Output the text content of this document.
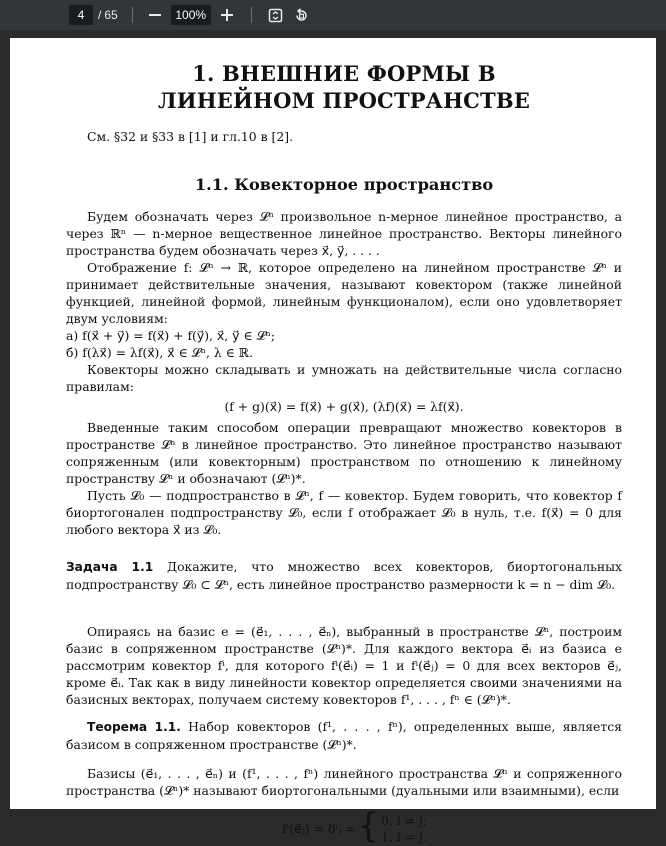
4	/ 65	100%
1. ВНЕШНИЕ ФОРМЫ В
ЛИНЕЙНОМ ПРОСТРАНСТВЕ

См. §32 и §33 в [1] и гл.10 в [2].

1.1. Ковекторное пространство

Будем обозначать через 𝓛ⁿ произвольное n-мерное линейное пространство, а через ℝⁿ — n-мерное вещественное линейное пространство. Векторы линейного пространства будем обозначать через x⃗, y⃗, . . . .

Отображение f: 𝓛ⁿ → ℝ, которое определено на линейном пространстве 𝓛ⁿ и принимает действительные значения, называют ковектором (также линейной функцией, линейной формой, линейным функционалом), если оно удовлетворяет двум условиям:

а) f(x⃗ + y⃗) = f(x⃗) + f(y⃗), x⃗, y⃗ ∈ 𝓛ⁿ;

б) f(λx⃗) = λf(x⃗), x⃗ ∈ 𝓛ⁿ, λ ∈ ℝ.

Ковекторы можно складывать и умножать на действительные числа согласно правилам:

(f + g)(x⃗) = f(x⃗) + g(x⃗), (λf)(x⃗) = λf(x⃗).

Введенные таким способом операции превращают множество ковекторов в пространстве 𝓛ⁿ в линейное пространство. Это линейное пространство называют сопряженным (или ковекторным) пространством по отношению к линейному пространству 𝓛ⁿ и обозначают (𝓛ⁿ)*.

Пусть 𝓛₀ — подпространство в 𝓛ⁿ, f — ковектор. Будем говорить, что ковектор f биортогонален подпространству 𝓛₀, если f отображает 𝓛₀ в нуль, т.е. f(x⃗) = 0 для любого вектора x⃗ из 𝓛₀.

Задача 1.1 Докажите, что множество всех ковекторов, биортогональных подпространству 𝓛₀ ⊂ 𝓛ⁿ, есть линейное пространство размерности k = n − dim 𝓛₀.

Опираясь на базис e = (e⃗₁, . . . , e⃗ₙ), выбранный в пространстве 𝓛ⁿ, построим базис в сопряженном пространстве (𝓛ⁿ)*. Для каждого вектора e⃗ᵢ из базиса e рассмотрим ковектор fⁱ, для которого fⁱ(e⃗ᵢ) = 1 и fⁱ(e⃗ⱼ) = 0 для всех векторов e⃗ⱼ, кроме e⃗ᵢ. Так как в виду линейности ковектор определяется своими значениями на базисных векторах, получаем систему ковекторов f¹, . . . , fⁿ ∈ (𝓛ⁿ)*.

Теорема 1.1. Набор ковекторов (f¹, . . . , fⁿ), определенных выше, является базисом в сопряженном пространстве (𝓛ⁿ)*.

Базисы (e⃗₁, . . . , e⃗ₙ) и (f¹, . . . , fⁿ) линейного пространства 𝓛ⁿ и сопряженного пространства (𝓛ⁿ)* называют биортогональными (дуальными или взаимными), если

fⁱ(e⃗ⱼ) = δⁱⱼ = { 0, i ≠ j;
1, i = j.
